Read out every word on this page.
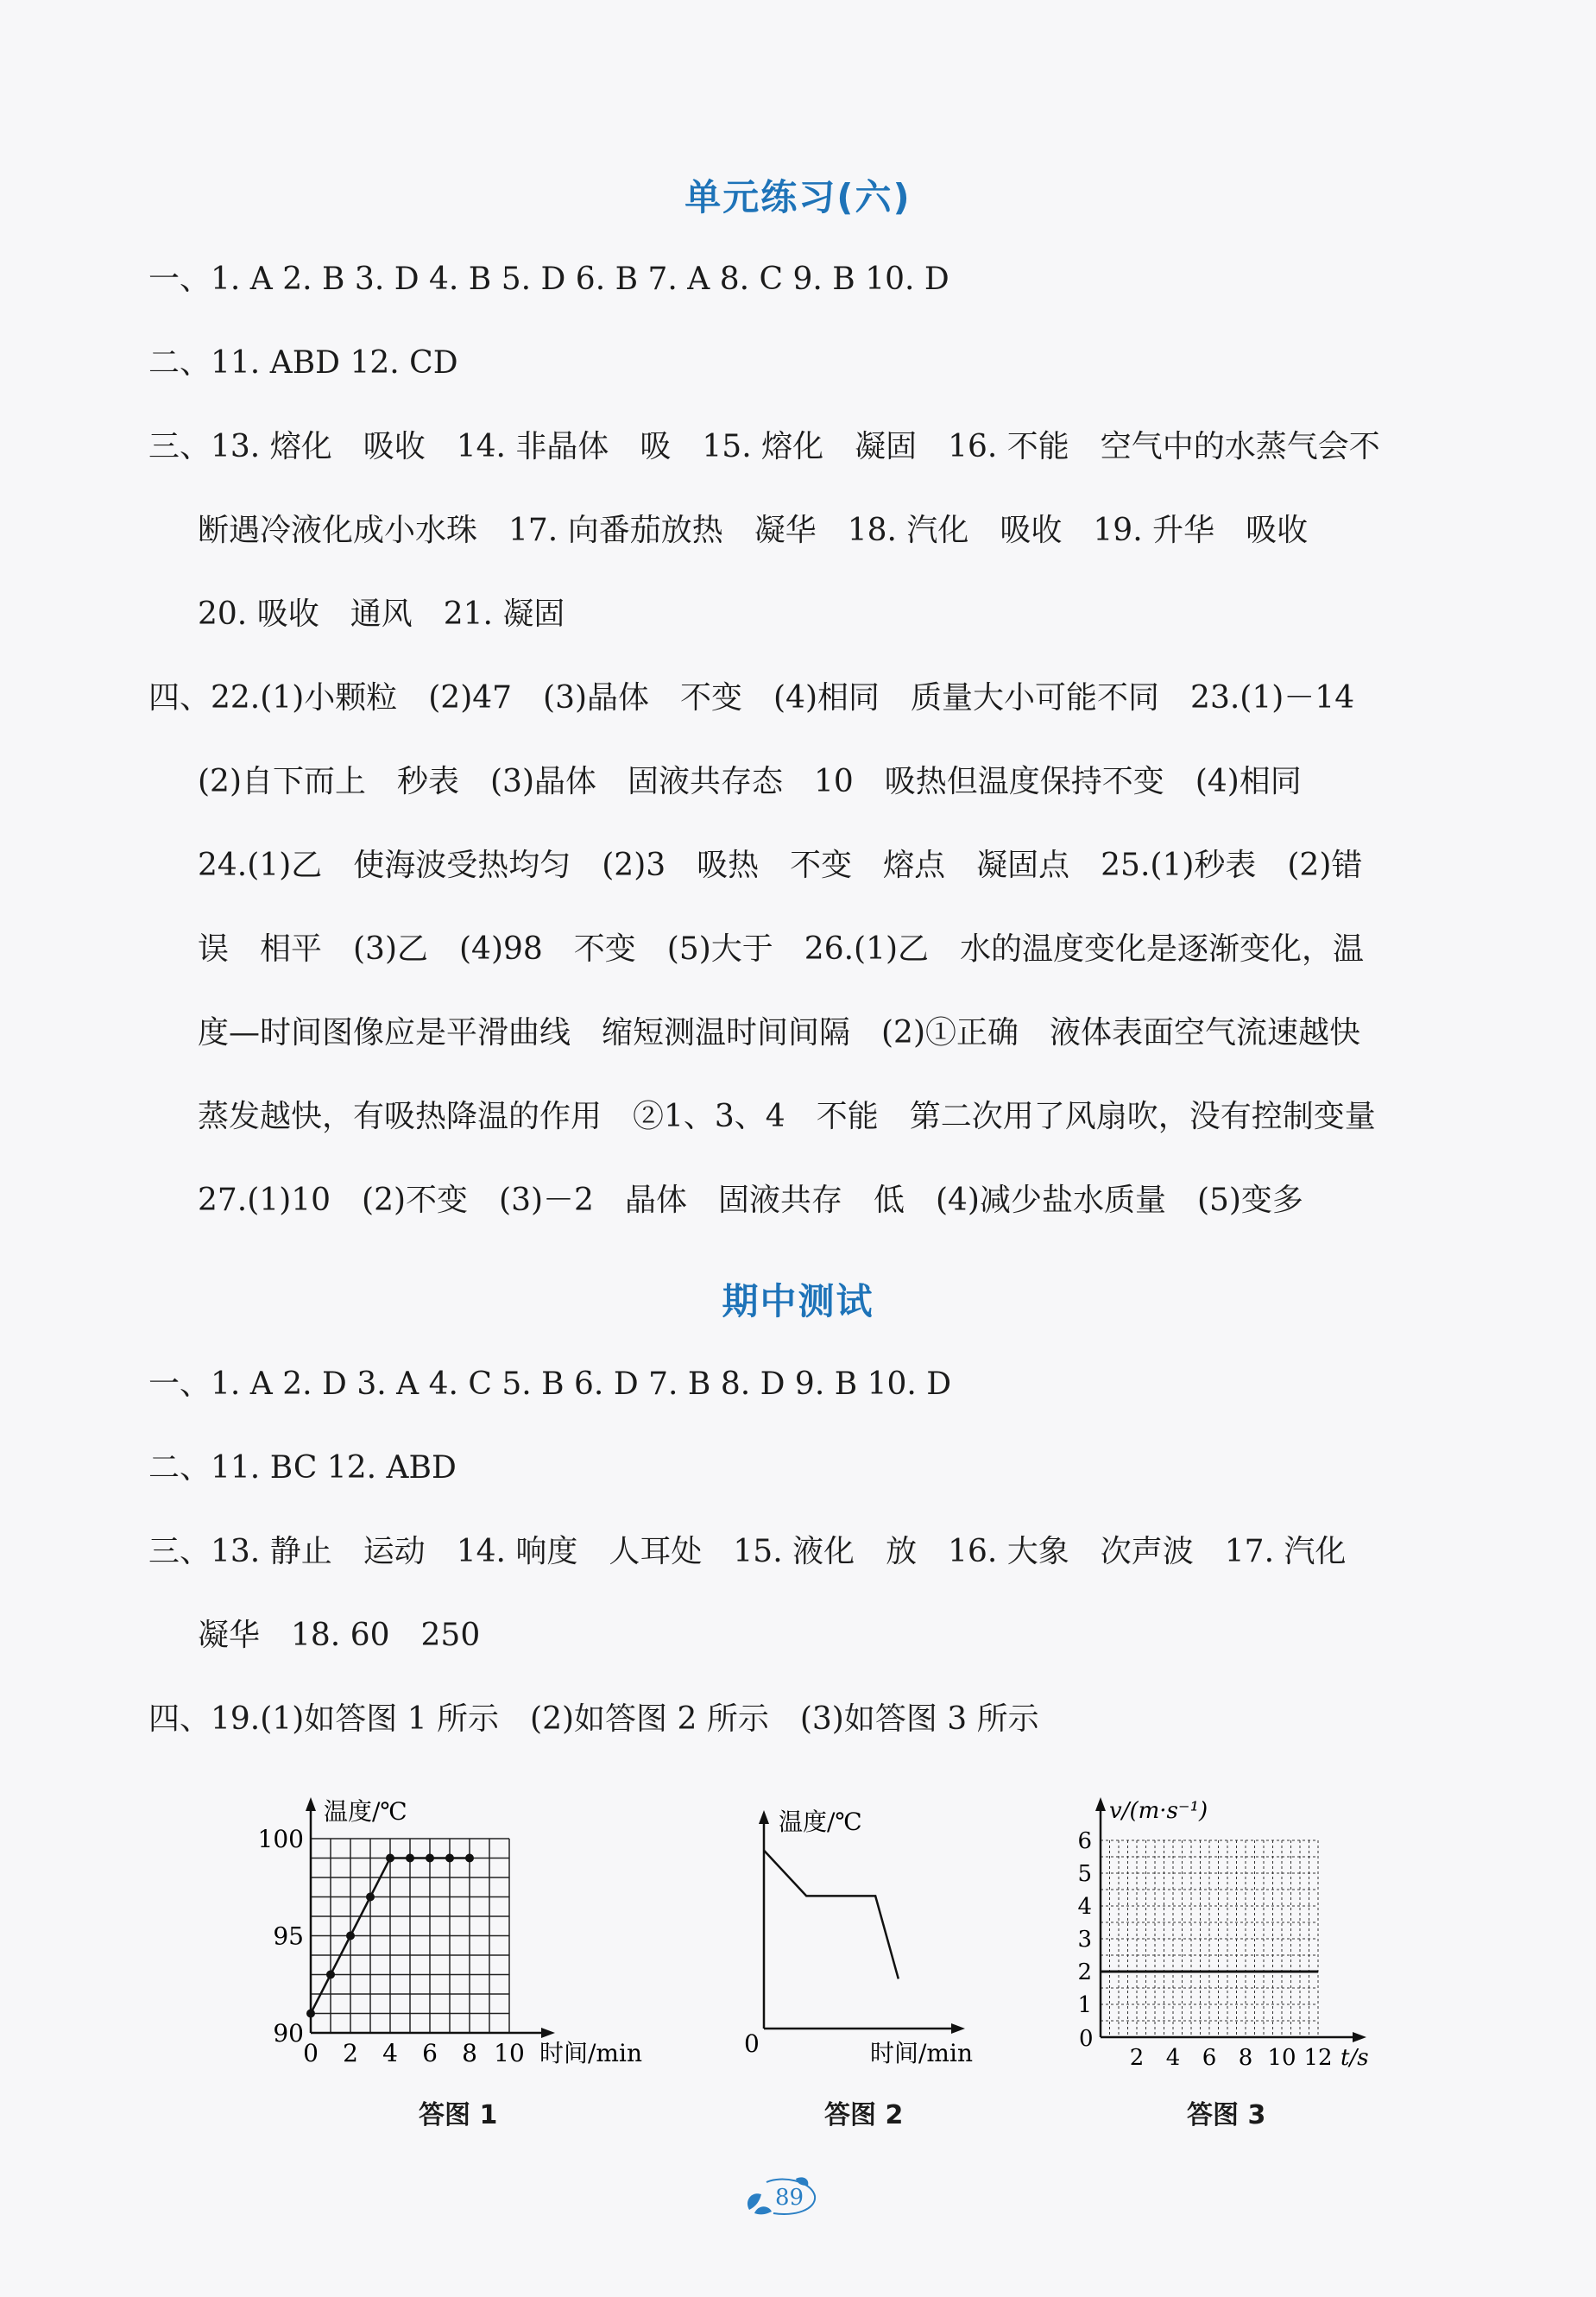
单元练习(六)
一、1. A 2. B 3. D 4. B 5. D 6. B 7. A 8. C 9. B 10. D
二、11. ABD 12. CD
三、13. 熔化　吸收　14. 非晶体　吸　15. 熔化　凝固　16. 不能　空气中的水蒸气会不
断遇冷液化成小水珠　17. 向番茄放热　凝华　18. 汽化　吸收　19. 升华　吸收
20. 吸收　通风　21. 凝固
四、22.(1)小颗粒　(2)47　(3)晶体　不变　(4)相同　质量大小可能不同　23.(1)－14
(2)自下而上　秒表　(3)晶体　固液共存态　10　吸热但温度保持不变　(4)相同
24.(1)乙　使海波受热均匀　(2)3　吸热　不变　熔点　凝固点　25.(1)秒表　(2)错
误　相平　(3)乙　(4)98　不变　(5)大于　26.(1)乙　水的温度变化是逐渐变化，温
度—时间图像应是平滑曲线　缩短测温时间间隔　(2)①正确　液体表面空气流速越快
蒸发越快，有吸热降温的作用　②1、3、4　不能　第二次用了风扇吹，没有控制变量
27.(1)10　(2)不变　(3)－2　晶体　固液共存　低　(4)减少盐水质量　(5)变多
期中测试
一、1. A 2. D 3. A 4. C 5. B 6. D 7. B 8. D 9. B 10. D
二、11. BC 12. ABD
三、13. 静止　运动　14. 响度　人耳处　15. 液化　放　16. 大象　次声波　17. 汽化
凝华　18. 60　250
四、19.(1)如答图 1 所示　(2)如答图 2 所示　(3)如答图 3 所示
温度/℃
时间/min
90
95
100
0 2 4 6 8 10
答图 1
温度/℃
0	时间/min
答图 2
v/(m·s⁻¹)
0
t/s
1
2
3
4
5
6
2 4 6 8 10 12
答图 3
89
